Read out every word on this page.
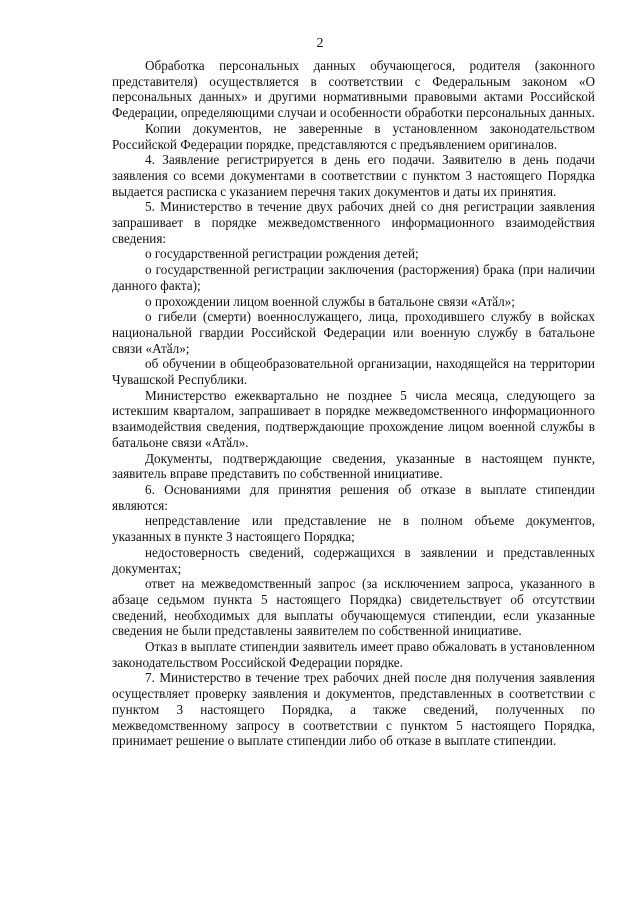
2

Обработка персональных данных обучающегося, родителя (законного представителя) осуществляется в соответствии с Федеральным законом «О персональных данных» и другими нормативными правовыми актами Российской Федерации, определяющими случаи и особенности обработки персональных данных.

Копии документов, не заверенные в установленном законодательством Российской Федерации порядке, представляются с предъявлением оригиналов.

4. Заявление регистрируется в день его подачи. Заявителю в день подачи заявления со всеми документами в соответствии с пунктом 3 настоящего Порядка выдается расписка с указанием перечня таких документов и даты их принятия.

5. Министерство в течение двух рабочих дней со дня регистрации заявления запрашивает в порядке межведомственного информационного взаимодействия сведения:

о государственной регистрации рождения детей;

о государственной регистрации заключения (расторжения) брака (при наличии данного факта);

о прохождении лицом военной службы в батальоне связи «Атӑл»;

о гибели (смерти) военнослужащего, лица, проходившего службу в войсках национальной гвардии Российской Федерации или военную службу в батальоне связи «Атӑл»;

об обучении в общеобразовательной организации, находящейся на территории Чувашской Республики.

Министерство ежеквартально не позднее 5 числа месяца, следующего за истекшим кварталом, запрашивает в порядке межведомственного информационного взаимодействия сведения, подтверждающие прохождение лицом военной службы в батальоне связи «Атӑл».

Документы, подтверждающие сведения, указанные в настоящем пункте, заявитель вправе представить по собственной инициативе.

6. Основаниями для принятия решения об отказе в выплате стипендии являются:

непредставление или представление не в полном объеме документов, указанных в пункте 3 настоящего Порядка;

недостоверность сведений, содержащихся в заявлении и представленных документах;

ответ на межведомственный запрос (за исключением запроса, указанного в абзаце седьмом пункта 5 настоящего Порядка) свидетельствует об отсутствии сведений, необходимых для выплаты обучающемуся стипендии, если указанные сведения не были представлены заявителем по собственной инициативе.

Отказ в выплате стипендии заявитель имеет право обжаловать в установленном законодательством Российской Федерации порядке.

7. Министерство в течение трех рабочих дней после дня получения заявления осуществляет проверку заявления и документов, представленных в соответствии с пунктом 3 настоящего Порядка, а также сведений, полученных по межведомственному запросу в соответствии с пунктом 5 настоящего Порядка, принимает решение о выплате стипендии либо об отказе в выплате стипендии.
